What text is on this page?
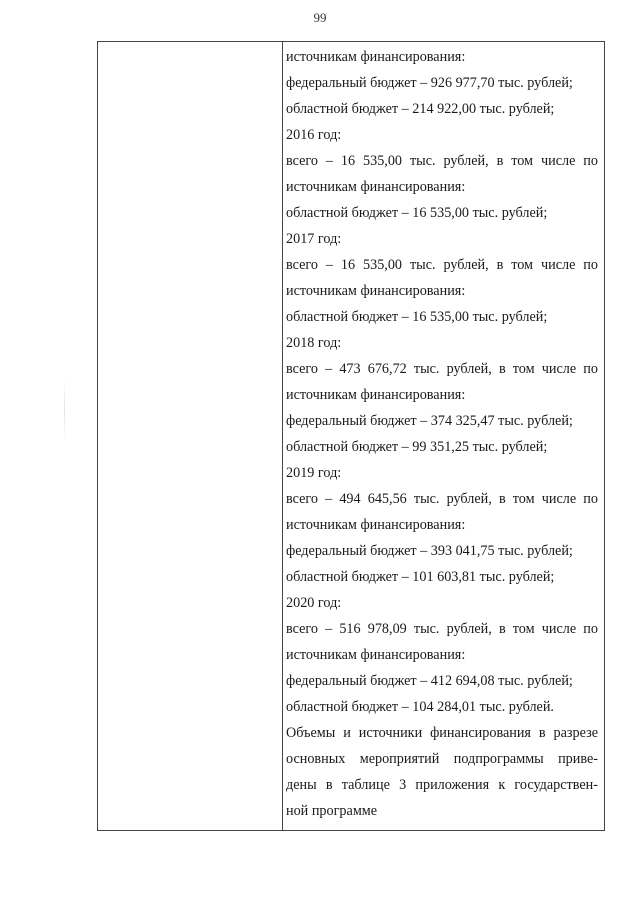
99
источникам финансирования:
федеральный бюджет – 926 977,70 тыс. рублей;
областной бюджет – 214 922,00 тыс. рублей;
2016 год:
всего – 16 535,00 тыс. рублей, в том числе по
источникам финансирования:
областной бюджет – 16 535,00 тыс. рублей;
2017 год:
всего – 16 535,00 тыс. рублей, в том числе по
источникам финансирования:
областной бюджет – 16 535,00 тыс. рублей;
2018 год:
всего – 473 676,72 тыс. рублей, в том числе по
источникам финансирования:
федеральный бюджет – 374 325,47 тыс. рублей;
областной бюджет – 99 351,25 тыс. рублей;
2019 год:
всего – 494 645,56 тыс. рублей, в том числе по
источникам финансирования:
федеральный бюджет – 393 041,75 тыс. рублей;
областной бюджет – 101 603,81 тыс. рублей;
2020 год:
всего – 516 978,09 тыс. рублей, в том числе по
источникам финансирования:
федеральный бюджет – 412 694,08 тыс. рублей;
областной бюджет – 104 284,01 тыс. рублей.
Объемы и источники финансирования в разрезе
основных мероприятий подпрограммы приве-
дены в таблице 3 приложения к государствен-
ной программе
